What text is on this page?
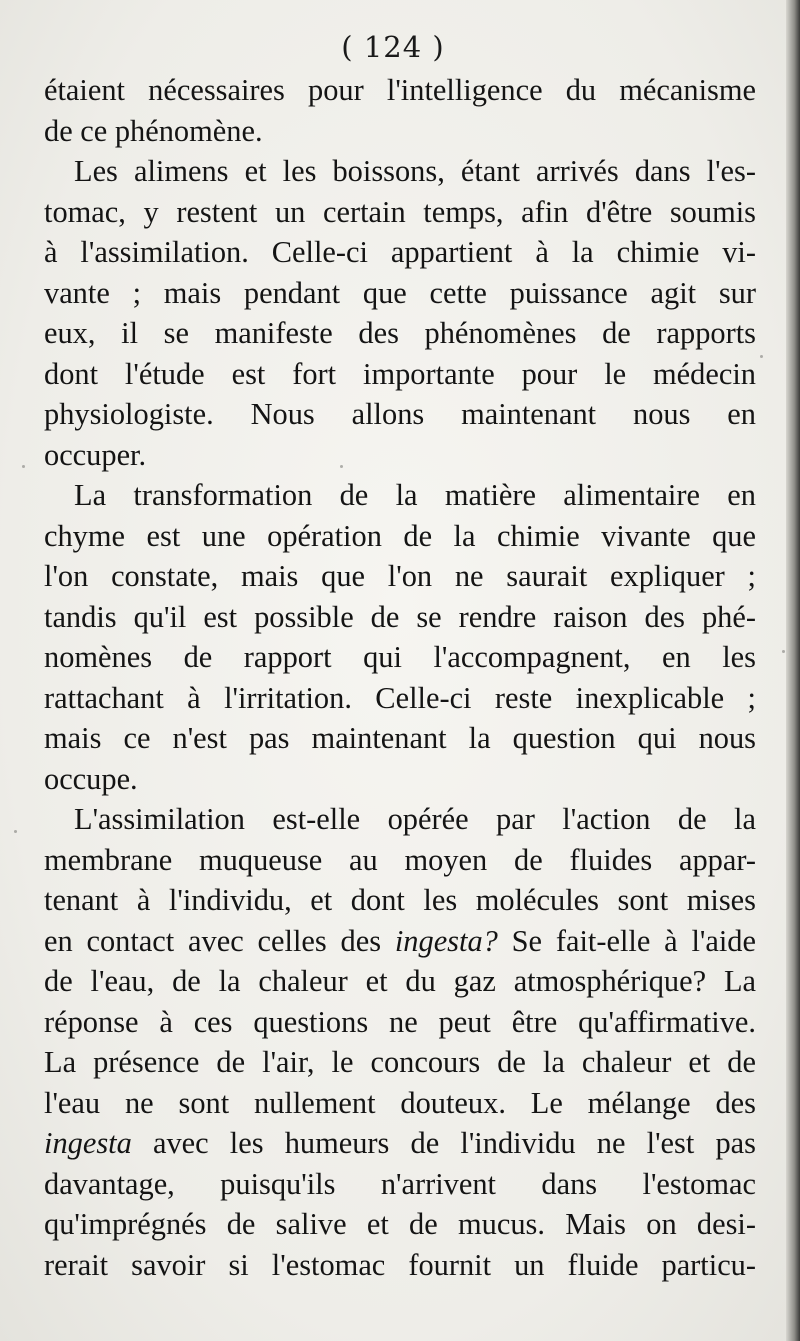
( 124 )
étaient nécessaires pour l'intelligence du mécanisme
de ce phénomène.
Les alimens et les boissons, étant arrivés dans l'es-
tomac, y restent un certain temps, afin d'être soumis
à l'assimilation. Celle-ci appartient à la chimie vi-
vante ; mais pendant que cette puissance agit sur
eux, il se manifeste des phénomènes de rapports
dont l'étude est fort importante pour le médecin
physiologiste. Nous allons maintenant nous en
occuper.
La transformation de la matière alimentaire en
chyme est une opération de la chimie vivante que
l'on constate, mais que l'on ne saurait expliquer ;
tandis qu'il est possible de se rendre raison des phé-
nomènes de rapport qui l'accompagnent, en les
rattachant à l'irritation. Celle-ci reste inexplicable ;
mais ce n'est pas maintenant la question qui nous
occupe.
L'assimilation est-elle opérée par l'action de la
membrane muqueuse au moyen de fluides appar-
tenant à l'individu, et dont les molécules sont mises
en contact avec celles des ingesta? Se fait-elle à l'aide
de l'eau, de la chaleur et du gaz atmosphérique? La
réponse à ces questions ne peut être qu'affirmative.
La présence de l'air, le concours de la chaleur et de
l'eau ne sont nullement douteux. Le mélange des
ingesta avec les humeurs de l'individu ne l'est pas
davantage, puisqu'ils n'arrivent dans l'estomac
qu'imprégnés de salive et de mucus. Mais on desi-
rerait savoir si l'estomac fournit un fluide particu-
